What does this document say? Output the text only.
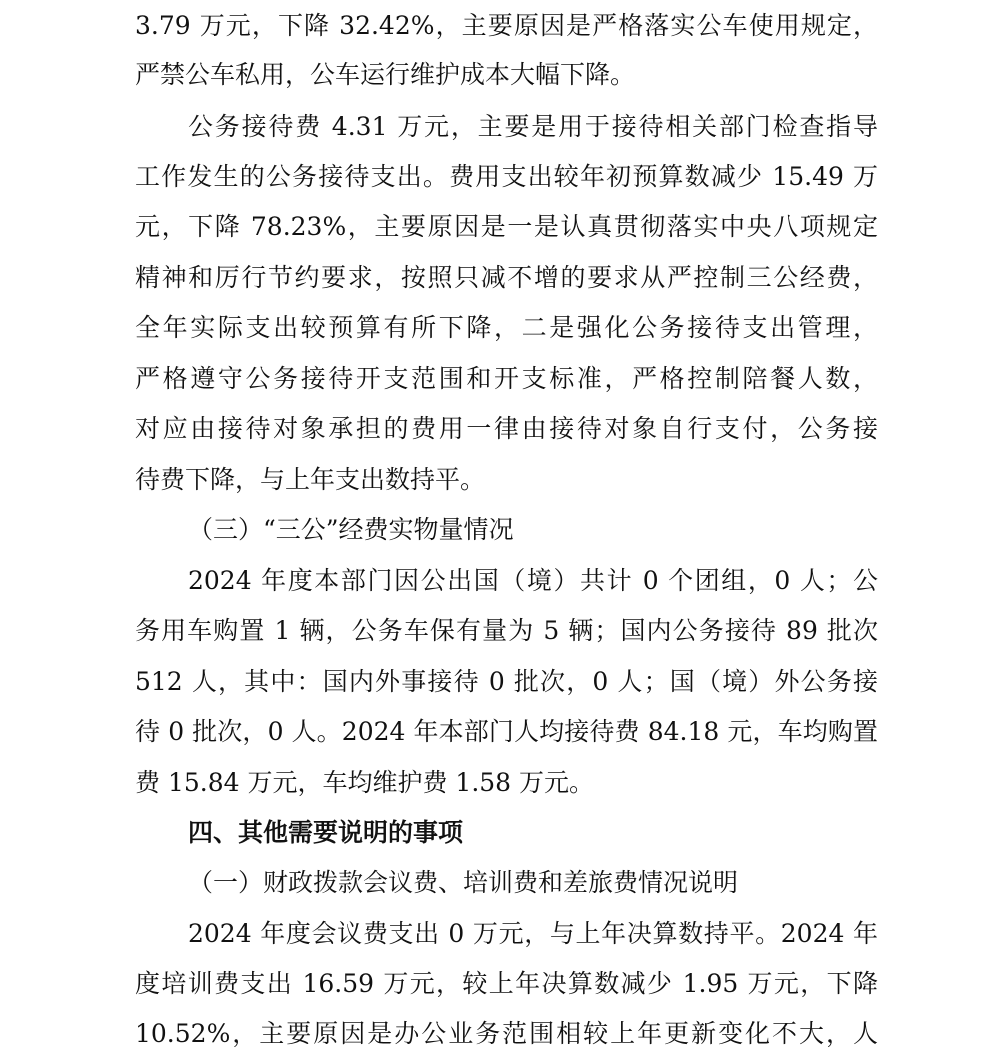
3.79 万元，下降 32.42%，主要原因是严格落实公车使用规定，
严禁公车私用，公车运行维护成本大幅下降。
公务接待费 4.31 万元，主要是用于接待相关部门检查指导
工作发生的公务接待支出。费用支出较年初预算数减少 15.49 万
元，下降 78.23%，主要原因是一是认真贯彻落实中央八项规定
精神和厉行节约要求，按照只减不增的要求从严控制三公经费，
全年实际支出较预算有所下降，二是强化公务接待支出管理，
严格遵守公务接待开支范围和开支标准，严格控制陪餐人数，
对应由接待对象承担的费用一律由接待对象自行支付，公务接
待费下降，与上年支出数持平。
（三）“三公”经费实物量情况
2024 年度本部门因公出国（境）共计 0 个团组，0 人；公
务用车购置 1 辆，公务车保有量为 5 辆；国内公务接待 89 批次
512 人，其中：国内外事接待 0 批次，0 人；国（境）外公务接
待 0 批次，0 人。2024 年本部门人均接待费 84.18 元，车均购置
费 15.84 万元，车均维护费 1.58 万元。
四、其他需要说明的事项
（一）财政拨款会议费、培训费和差旅费情况说明
2024 年度会议费支出 0 万元，与上年决算数持平。2024 年
度培训费支出 16.59 万元，较上年决算数减少 1.95 万元，下降
10.52%，主要原因是办公业务范围相较上年更新变化不大，人
